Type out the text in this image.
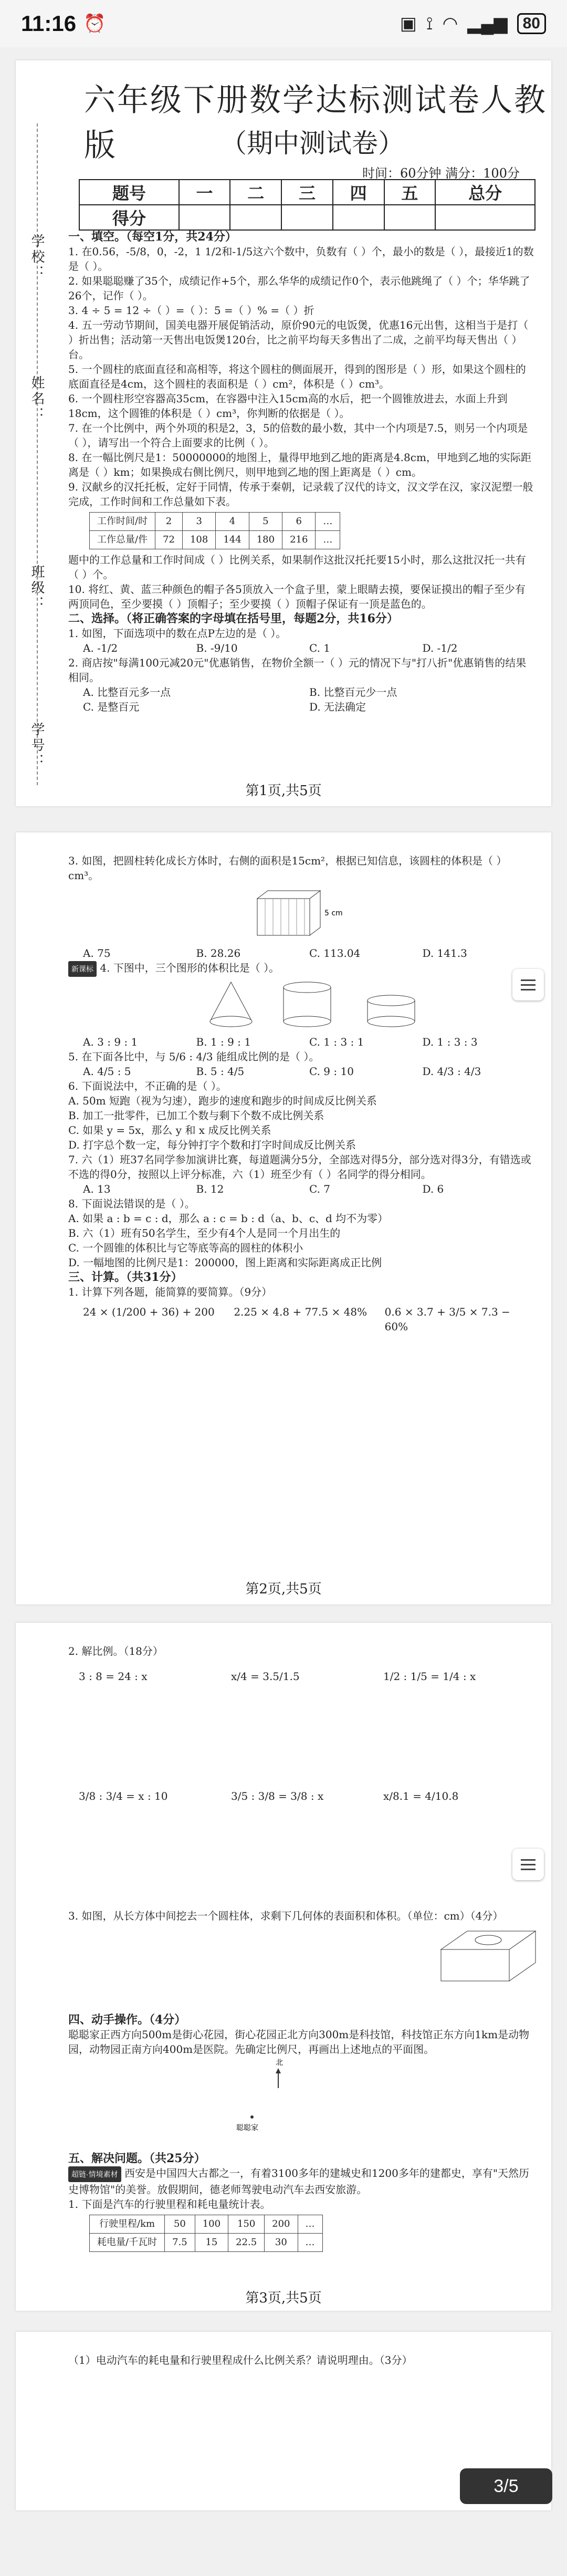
11:16 ⏰	▣ ⟟ ◠ ▂▄▆ 80
六年级下册数学达标测试卷人教版	（期中测试卷）
时间：60分钟 满分：100分
题号	一	二	三	四	五	总分
得分						
学校：
姓名：
班级：
学号：

一、填空。（每空1分，共24分）

1. 在0.56，-5/8，0，-2，1 1/2和-1/5这六个数中，负数有（ ）个，最小的数是（ ），最接近1的数是（ ）。

2. 如果聪聪赚了35个，成绩记作+5个，那么华华的成绩记作0个，表示他跳绳了（ ）个；华华跳了26个，记作（ ）。

3. 4 ÷ 5 = 12 ÷（ ）=（ ）：5 =（ ）% =（ ）折

4. 五一劳动节期间，国美电器开展促销活动，原价90元的电饭煲，优惠16元出售，这相当于是打（ ）折出售；活动第一天售出电饭煲120台，比之前平均每天多售出了二成，之前平均每天售出（ ）台。

5. 一个圆柱的底面直径和高相等，将这个圆柱的侧面展开，得到的图形是（ ）形，如果这个圆柱的底面直径是4cm，这个圆柱的表面积是（ ）cm²，体积是（ ）cm³。

6. 一个圆柱形空容器高35cm，在容器中注入15cm高的水后，把一个圆锥放进去，水面上升到18cm，这个圆锥的体积是（ ）cm³，你判断的依据是（ ）。

7. 在一个比例中，两个外项的积是2，3，5的倍数的最小数，其中一个内项是7.5，则另一个内项是（ ），请写出一个符合上面要求的比例（ ）。

8. 在一幅比例尺是1：50000000的地图上，量得甲地到乙地的距离是4.8cm，甲地到乙地的实际距离是（ ）km；如果换成右侧比例尺，则甲地到乙地的图上距离是（ ）cm。

9. 汉献乡的汉托托板，定好于同情，传承于秦朝，记录载了汉代的诗文，汉文学在汉，家汉泥塑一般完成，工作时间和工作总量如下表。

工作时间/时	2	3	4	5	6	…
工作总量/件	72	108	144	180	216	…

题中的工作总量和工作时间成（ ）比例关系，如果制作这批汉托托要15小时，那么这批汉托一共有（ ）个。

10. 将红、黄、蓝三种颜色的帽子各5顶放入一个盒子里，蒙上眼睛去摸，要保证摸出的帽子至少有两顶同色，至少要摸（ ）顶帽子；至少要摸（ ）顶帽子保证有一顶是蓝色的。

二、选择。（将正确答案的字母填在括号里，每题2分，共16分）

1. 如图，下面选项中的数在点P左边的是（ ）。

A. -1/2	B. -9/10	C. 1	D. -1/2

2. 商店按"每满100元减20元"优惠销售，在物价全额一（ ）元的情况下与"打八折"优惠销售的结果相同。

A. 比整百元多一点	B. 比整百元少一点
C. 是整百元	D. 无法确定
第1页,共5页

3. 如图，把圆柱转化成长方体时，右侧的面积是15cm²，根据已知信息，该圆柱的体积是（ ）cm³。

5 cm
A. 75	B. 28.26	C. 113.04	D. 141.3

新课标 4. 下图中，三个图形的体积比是（ ）。

A. 3 : 9 : 1	B. 1 : 9 : 1	C. 1 : 3 : 1	D. 1 : 3 : 3

5. 在下面各比中，与 5/6 : 4/3 能组成比例的是（ ）。

A. 4/5 : 5	B. 5 : 4/5	C. 9 : 10	D. 4/3 : 4/3

6. 下面说法中，不正确的是（ ）。

A. 50m 短跑（视为匀速），跑步的速度和跑步的时间成反比例关系

B. 加工一批零件，已加工个数与剩下个数不成比例关系

C. 如果 y = 5x，那么 y 和 x 成反比例关系

D. 打字总个数一定，每分钟打字个数和打字时间成反比例关系

7. 六（1）班37名同学参加演讲比赛，每道题满分5分，全部选对得5分，部分选对得3分，有错选或不选的得0分，按照以上评分标准，六（1）班至少有（ ）名同学的得分相同。

A. 13	B. 12	C. 7	D. 6

8. 下面说法错误的是（ ）。

A. 如果 a : b = c : d，那么 a : c = b : d（a、b、c、d 均不为零）

B. 六（1）班有50名学生，至少有4个人是同一个月出生的

C. 一个圆锥的体积比与它等底等高的圆柱的体积小

D. 一幅地图的比例尺是1：200000，图上距离和实际距离成正比例

三、计算。（共31分）

1. 计算下列各题，能简算的要简算。（9分）

24 × (1/200 + 36) + 200	2.25 × 4.8 + 77.5 × 48%	0.6 × 3.7 + 3/5 × 7.3 − 60%
第2页,共5页

2. 解比例。（18分）

3 : 8 = 24 : x	x/4 = 3.5/1.5	1/2 : 1/5 = 1/4 : x
3/8 : 3/4 = x : 10	3/5 : 3/8 = 3/8 : x	x/8.1 = 4/10.8

3. 如图，从长方体中间挖去一个圆柱体，求剩下几何体的表面积和体积。（单位：cm）（4分）

四、动手操作。（4分）

聪聪家正西方向500m是街心花园，街心花园正北方向300m是科技馆，科技馆正东方向1km是动物园，动物园正南方向400m是医院。先确定比例尺，再画出上述地点的平面图。

北
聪聪家

五、解决问题。（共25分）

超链·情境素材 西安是中国四大古都之一，有着3100多年的建城史和1200多年的建都史，享有"天然历史博物馆"的美誉。放假期间，德老师驾驶电动汽车去西安旅游。

1. 下面是汽车的行驶里程和耗电量统计表。

行驶里程/km	50	100	150	200	…
耗电量/千瓦时	7.5	15	22.5	30	…
第3页,共5页

（1）电动汽车的耗电量和行驶里程成什么比例关系？请说明理由。（3分）

3/5
